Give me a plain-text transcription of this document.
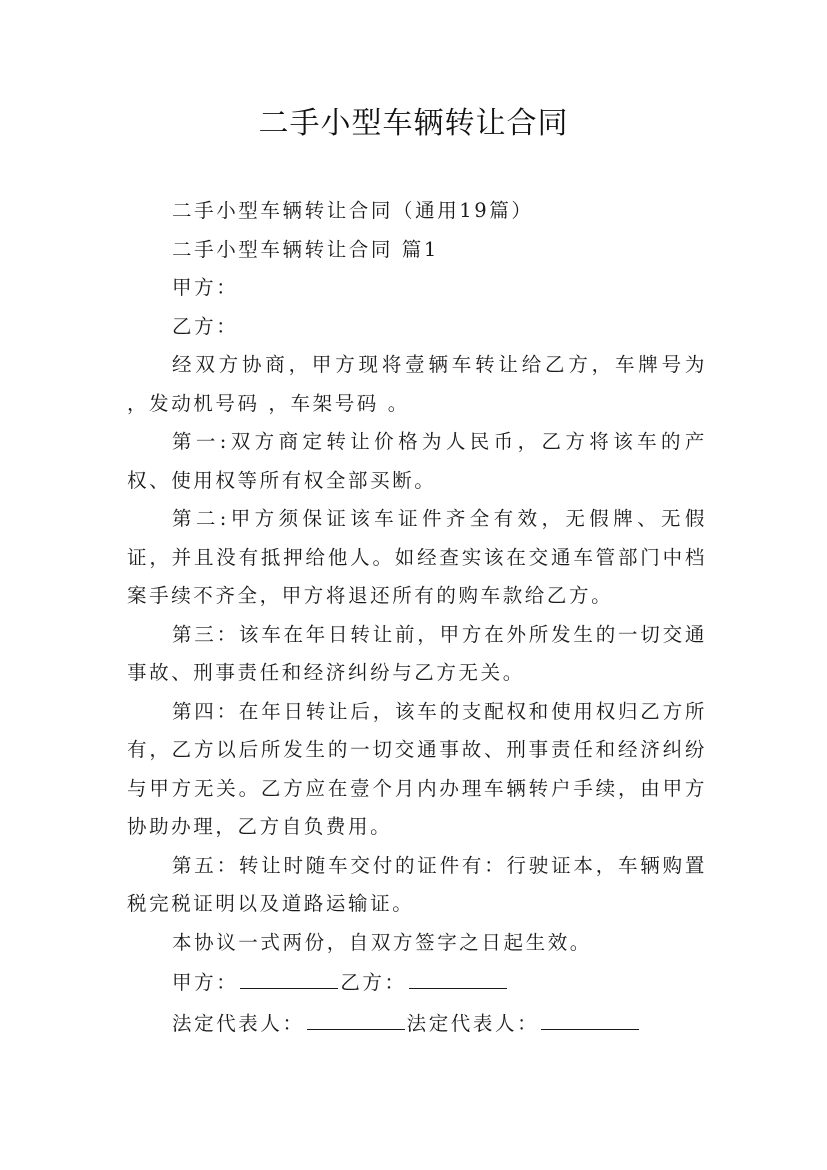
二手小型车辆转让合同

二手小型车辆转让合同（通用19篇）

二手小型车辆转让合同 篇1

甲方：

乙方：

经双方协商，甲方现将壹辆车转让给乙方，车牌号为 ，发动机号码 ，车架号码 。

第一:双方商定转让价格为人民币，乙方将该车的产权、使用权等所有权全部买断。

第二:甲方须保证该车证件齐全有效，无假牌、无假证，并且没有抵押给他人。如经查实该在交通车管部门中档案手续不齐全，甲方将退还所有的购车款给乙方。

第三：该车在年日转让前，甲方在外所发生的一切交通事故、刑事责任和经济纠纷与乙方无关。

第四：在年日转让后，该车的支配权和使用权归乙方所有，乙方以后所发生的一切交通事故、刑事责任和经济纠纷与甲方无关。乙方应在壹个月内办理车辆转户手续，由甲方协助办理，乙方自负费用。

第五：转让时随车交付的证件有：行驶证本，车辆购置税完税证明以及道路运输证。

本协议一式两份，自双方签字之日起生效。

甲方：	乙方：

法定代表人：	法定代表人：
